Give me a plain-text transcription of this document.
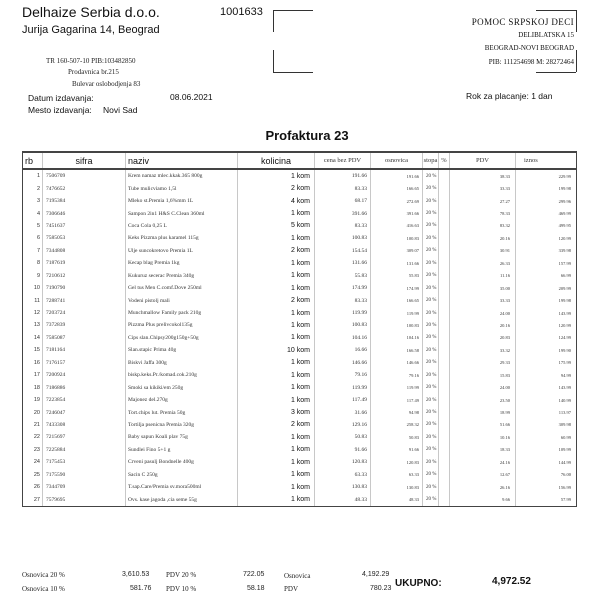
Delhaize Serbia d.o.o.
Jurija Gagarina 14, Beograd
1001633
TR 160-507-10 PIB:103482850
Prodavnica br.215
Bulevar oslobodjenja 83
POMOC SRPSKOJ DECI
DELIBLATSKA 15
BEOGRAD-NOVI BEOGRAD
PIB: 111254698 M: 28272464
Datum izdavanja:	08.06.2021
Mesto izdavanja: Novi Sad
Rok za placanje: 1 dan
Profaktura 23
rb	sifra	naziv	kolicina	cena bez PDV	osnovica	stopa	%	PDV	iznos
1	7506709	Krem namaz mlec.kkak.365 800g	1 kom	191.66	191.66	20 %		38.33	229.99
2	7476652	Tube mulicviamo 1,5l	2 kom	83.33	166.65	20 %		33.33	199.98
3	7195384	Mleko st.Premia 1,6%mm 1L	4 kom	68.17	272.69	20 %		27.27	299.96
4	7306646	Sampon 2in1 H&S C.Clean 360ml	1 kom	391.66	391.66	20 %		78.33	469.99
5	7451637	Coca Cola 0,25 L	5 kom	83.33	416.63	20 %		83.32	499.95
6	7585053	Keks Pizzma plus karamel 115g	1 kom	100.83	100.83	20 %		20.16	120.99
7	7344808	Ulje suncokretovo Premia 1L	2 kom	154.54	309.07	20 %		30.91	339.98
8	7187619	Kecap blag Premia 1kg	1 kom	131.66	131.66	20 %		26.33	157.99
9	7210612	Kukuruz secerac Premia 340g	1 kom	55.83	55.83	20 %		11.16	66.99
10	7190790	Gel tus Men C.comf.Dove 250ml	1 kom	174.99	174.99	20 %		35.00	209.99
11	7288741	Vodeni pistolj mali	2 kom	83.33	166.65	20 %		33.33	199.98
12	7203724	Munchmallow Family pack 210g	1 kom	119.99	119.99	20 %		24.00	143.99
13	7372839	Pizzma Plus prelivcokol135g	1 kom	100.83	100.83	20 %		20.16	120.99
14	7585087	Cips slan.Chipsy200g150g+50g	1 kom	104.16	104.16	20 %		20.83	124.99
15	7181164	Slan.stapic Prima 40g	10 kom	16.66	166.58	20 %		33.32	199.90
16	7176157	Biskvi Jaffa 300g	1 kom	146.66	146.66	20 %		29.33	175.99
17	7200924	biskp.keks.Pr./komad.cok.210g	1 kom	79.16	79.16	20 %		15.83	94.99
18	7186886	Smoki sa kikiki/em 250g	1 kom	119.99	119.99	20 %		24.00	143.99
19	7223854	Majonez del.270g	1 kom	117.49	117.49	20 %		23.50	140.99
20	7246047	Tort.chips lut. Premia 50g	3 kom	31.66	94.98	20 %		18.99	113.97
21	7433308	Tortilja psenicna Premia 320g	2 kom	129.16	258.32	20 %		51.66	309.98
22	7215697	Baby sapun Koali plav 75g	1 kom	50.83	50.83	20 %		10.16	60.99
23	7225884	Sundlei Fino 5+1 g	1 kom	91.66	91.66	20 %		18.33	109.99
24	7175453	Crveni pasulj Bondnelle 400g	1 kom	120.83	120.83	20 %		24.16	144.99
25	7175590	Sacin C 250g	1 kom	63.33	63.33	20 %		12.67	76.00
26	7344709	T.sap.Care/Premia sv.mora500ml	1 kom	130.83	130.83	20 %		26.16	156.99
27	7579695	Ovs. kase jagoda ,cia seme 55g	1 kom	48.33	48.33	20 %		9.66	57.99
Osnovica 20 %	3,610.53 PDV 20 %	722.05
Osnovica 10 %	581.76 PDV 10 %	58.18
Osnovica	4,192.29
PDV	780.23 UKUPNO:	4,972.52
